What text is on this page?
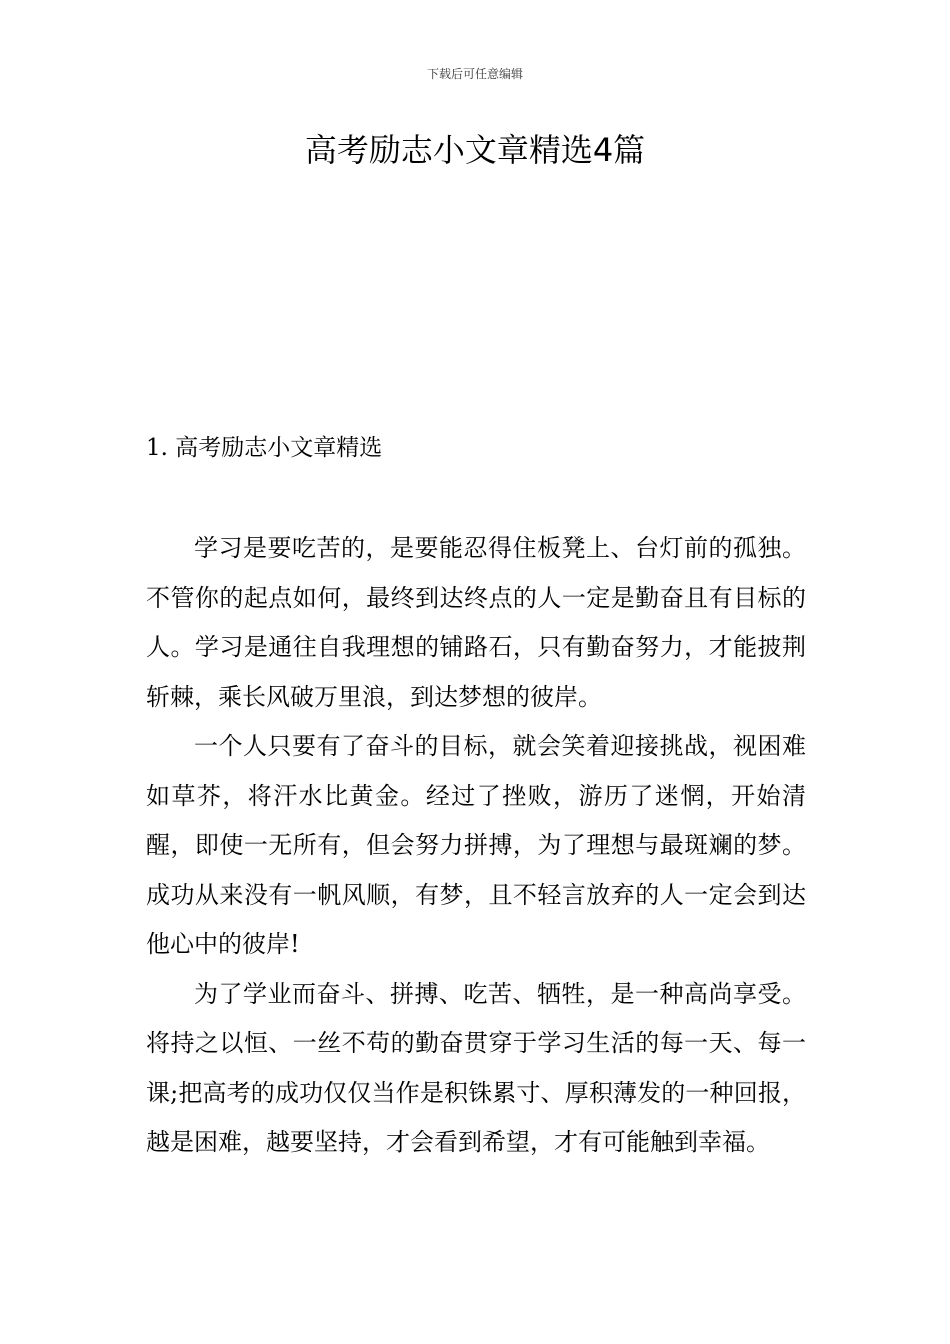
下载后可任意编辑
高考励志小文章精选4篇
1. 高考励志小文章精选

学习是要吃苦的，是要能忍得住板凳上、台灯前的孤独。不管你的起点如何，最终到达终点的人一定是勤奋且有目标的人。学习是通往自我理想的铺路石，只有勤奋努力，才能披荆斩棘，乘长风破万里浪，到达梦想的彼岸。

一个人只要有了奋斗的目标，就会笑着迎接挑战，视困难如草芥，将汗水比黄金。经过了挫败，游历了迷惘，开始清醒，即使一无所有，但会努力拼搏，为了理想与最斑斓的梦。成功从来没有一帆风顺，有梦，且不轻言放弃的人一定会到达他心中的彼岸!

为了学业而奋斗、拼搏、吃苦、牺牲，是一种高尚享受。将持之以恒、一丝不苟的勤奋贯穿于学习生活的每一天、每一课;把高考的成功仅仅当作是积铢累寸、厚积薄发的一种回报，越是困难，越要坚持，才会看到希望，才有可能触到幸福。
